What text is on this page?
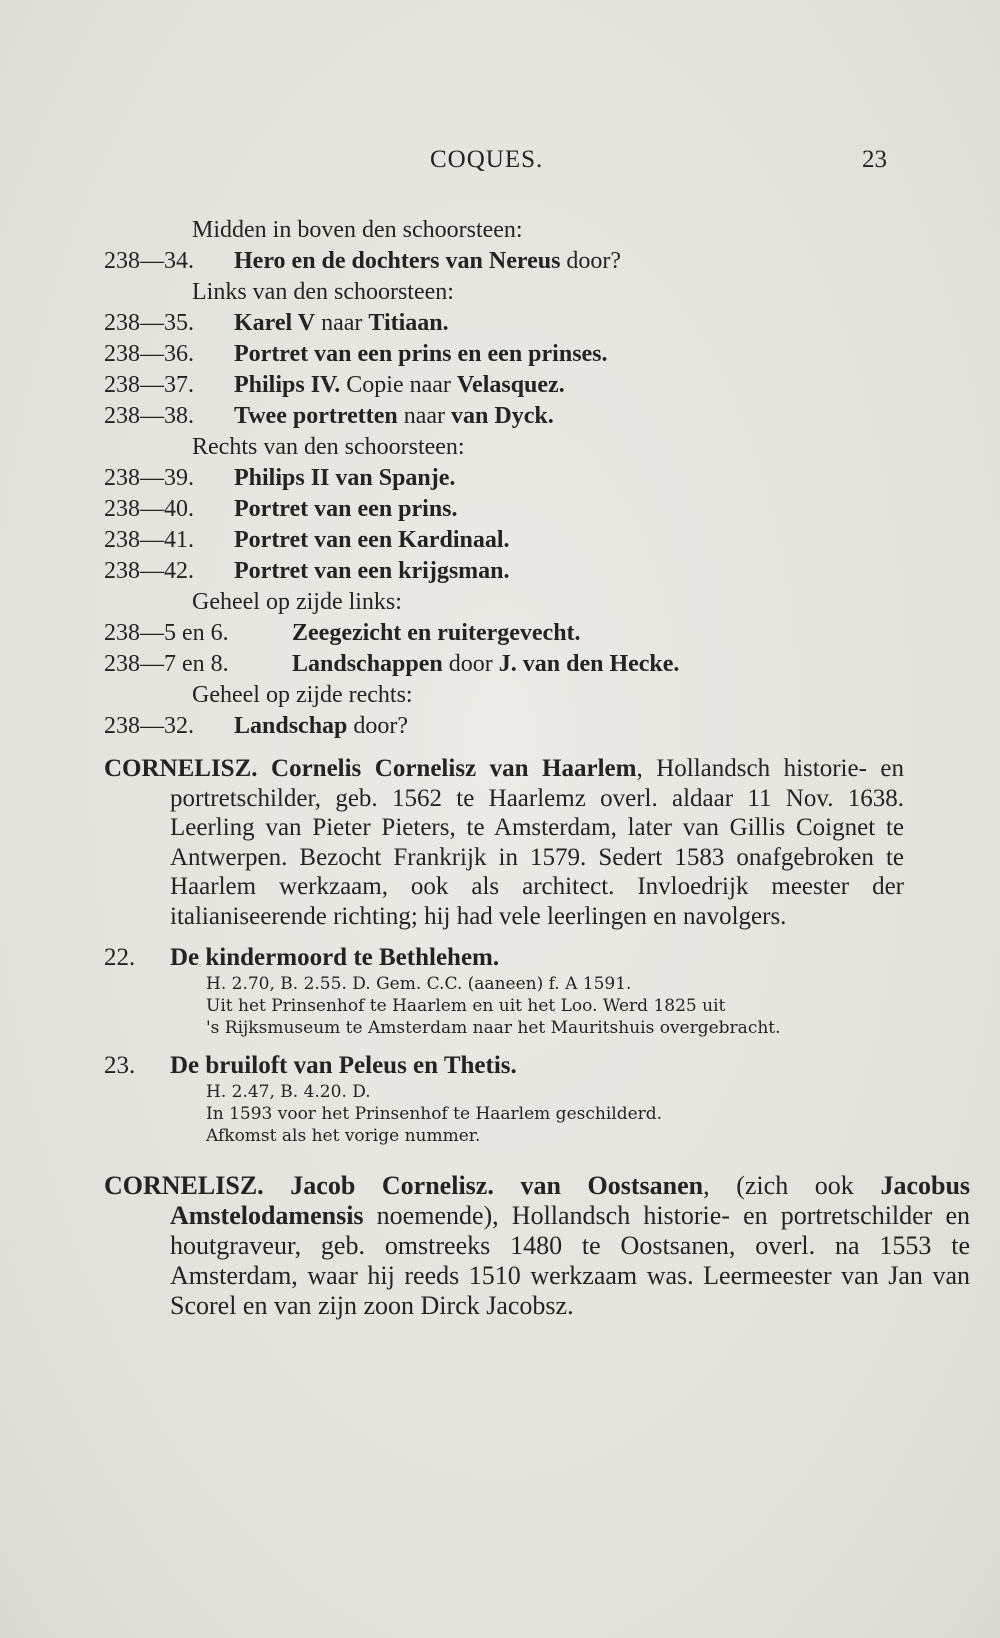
COQUES.	23
Midden in boven den schoorsteen:
238—34. Hero en de dochters van Nereus door?
Links van den schoorsteen:
238—35. Karel V naar Titiaan.
238—36. Portret van een prins en een prinses.
238—37. Philips IV. Copie naar Velasquez.
238—38. Twee portretten naar van Dyck.
Rechts van den schoorsteen:
238—39. Philips II van Spanje.
238—40. Portret van een prins.
238—41. Portret van een Kardinaal.
238—42. Portret van een krijgsman.
Geheel op zijde links:
238—5 en 6.	Zeegezicht en ruitergevecht.
238—7 en 8.	Landschappen door J. van den Hecke.
Geheel op zijde rechts:
238—32. Landschap door?
CORNELISZ. Cornelis Cornelisz van Haarlem, Hollandsch historie- en portretschilder, geb. 1562 te Haarlemz overl. aldaar 11 Nov. 1638. Leerling van Pieter Pieters, te Amsterdam, later van Gillis Coignet te Antwerpen. Bezocht Frankrijk in 1579. Sedert 1583 onafgebroken te Haarlem werkzaam, ook als architect. Invloedrijk meester der italianiseerende richting; hij had vele leerlingen en navolgers.
22. De kindermoord te Bethlehem.
H. 2.70, B. 2.55. D. Gem. C.C. (aaneen) f. A 1591.
Uit het Prinsenhof te Haarlem en uit het Loo. Werd 1825 uit
's Rijksmuseum te Amsterdam naar het Mauritshuis overgebracht.
23. De bruiloft van Peleus en Thetis.
H. 2.47, B. 4.20. D.
In 1593 voor het Prinsenhof te Haarlem geschilderd.
Afkomst als het vorige nummer.
CORNELISZ. Jacob Cornelisz. van Oostsanen, (zich ook Jacobus Amstelodamensis noemende), Hollandsch historie- en portretschilder en houtgraveur, geb. omstreeks 1480 te Oostsanen, overl. na 1553 te Amsterdam, waar hij reeds 1510 werkzaam was. Leermeester van Jan van Scorel en van zijn zoon Dirck Jacobsz.
